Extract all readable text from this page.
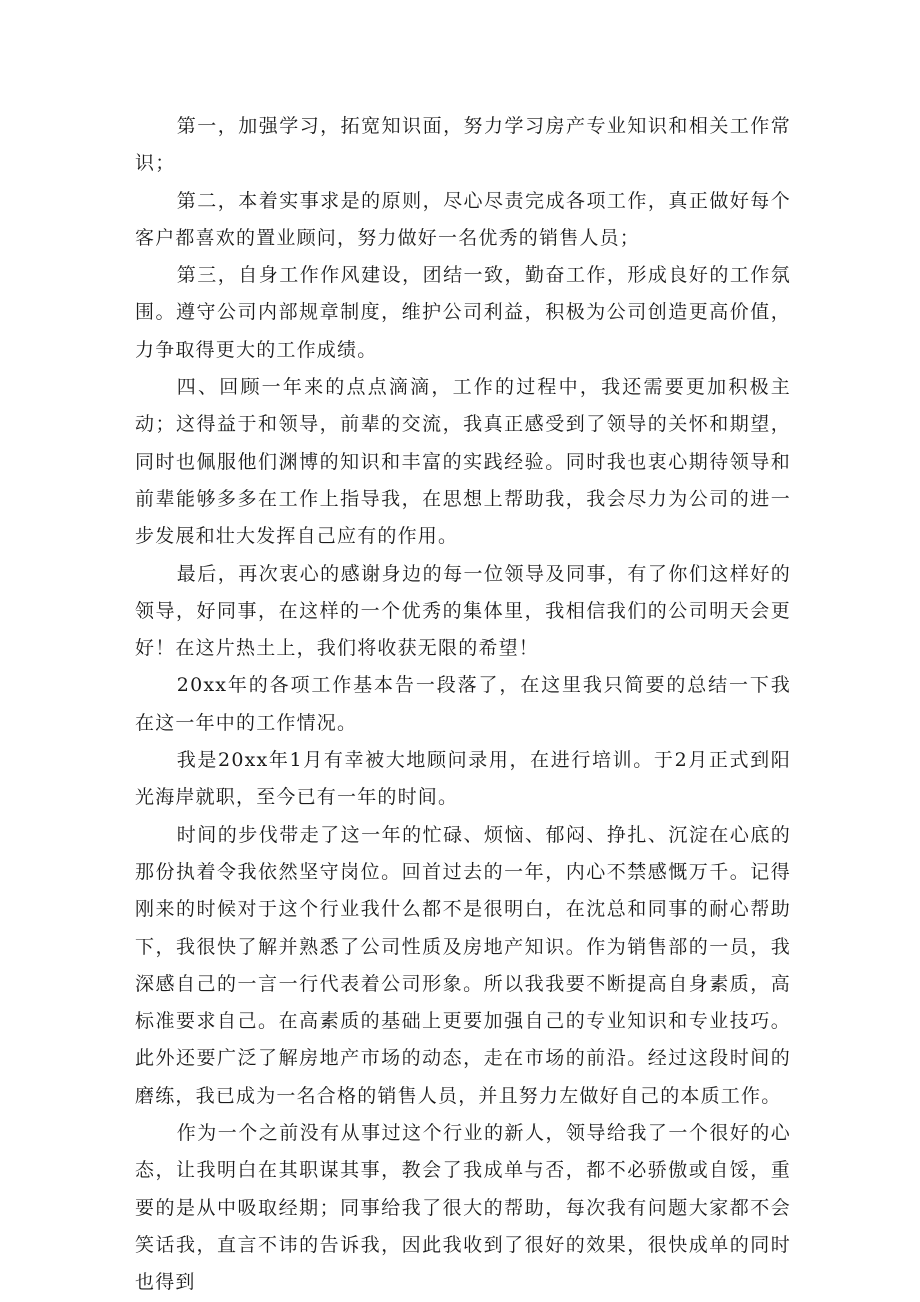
第一，加强学习，拓宽知识面，努力学习房产专业知识和相关工作常识；

第二，本着实事求是的原则，尽心尽责完成各项工作，真正做好每个客户都喜欢的置业顾问，努力做好一名优秀的销售人员；

第三，自身工作作风建设，团结一致，勤奋工作，形成良好的工作氛围。遵守公司内部规章制度，维护公司利益，积极为公司创造更高价值，力争取得更大的工作成绩。

四、回顾一年来的点点滴滴，工作的过程中，我还需要更加积极主动；这得益于和领导，前辈的交流，我真正感受到了领导的关怀和期望，同时也佩服他们渊博的知识和丰富的实践经验。同时我也衷心期待领导和前辈能够多多在工作上指导我，在思想上帮助我，我会尽力为公司的进一步发展和壮大发挥自己应有的作用。

最后，再次衷心的感谢身边的每一位领导及同事，有了你们这样好的领导，好同事，在这样的一个优秀的集体里，我相信我们的公司明天会更好！在这片热土上，我们将收获无限的希望！

20xx年的各项工作基本告一段落了，在这里我只简要的总结一下我在这一年中的工作情况。

我是20xx年1月有幸被大地顾问录用，在进行培训。于2月正式到阳光海岸就职，至今已有一年的时间。

时间的步伐带走了这一年的忙碌、烦恼、郁闷、挣扎、沉淀在心底的那份执着令我依然坚守岗位。回首过去的一年，内心不禁感慨万千。记得刚来的时候对于这个行业我什么都不是很明白，在沈总和同事的耐心帮助下，我很快了解并熟悉了公司性质及房地产知识。作为销售部的一员，我深感自己的一言一行代表着公司形象。所以我我要不断提高自身素质，高标准要求自己。在高素质的基础上更要加强自己的专业知识和专业技巧。此外还要广泛了解房地产市场的动态，走在市场的前沿。经过这段时间的磨练，我已成为一名合格的销售人员，并且努力左做好自己的本质工作。

作为一个之前没有从事过这个行业的新人，领导给我了一个很好的心态，让我明白在其职谋其事，教会了我成单与否，都不必骄傲或自馁，重要的是从中吸取经期；同事给我了很大的帮助，每次我有问题大家都不会笑话我，直言不讳的告诉我，因此我收到了很好的效果，很快成单的同时也得到
